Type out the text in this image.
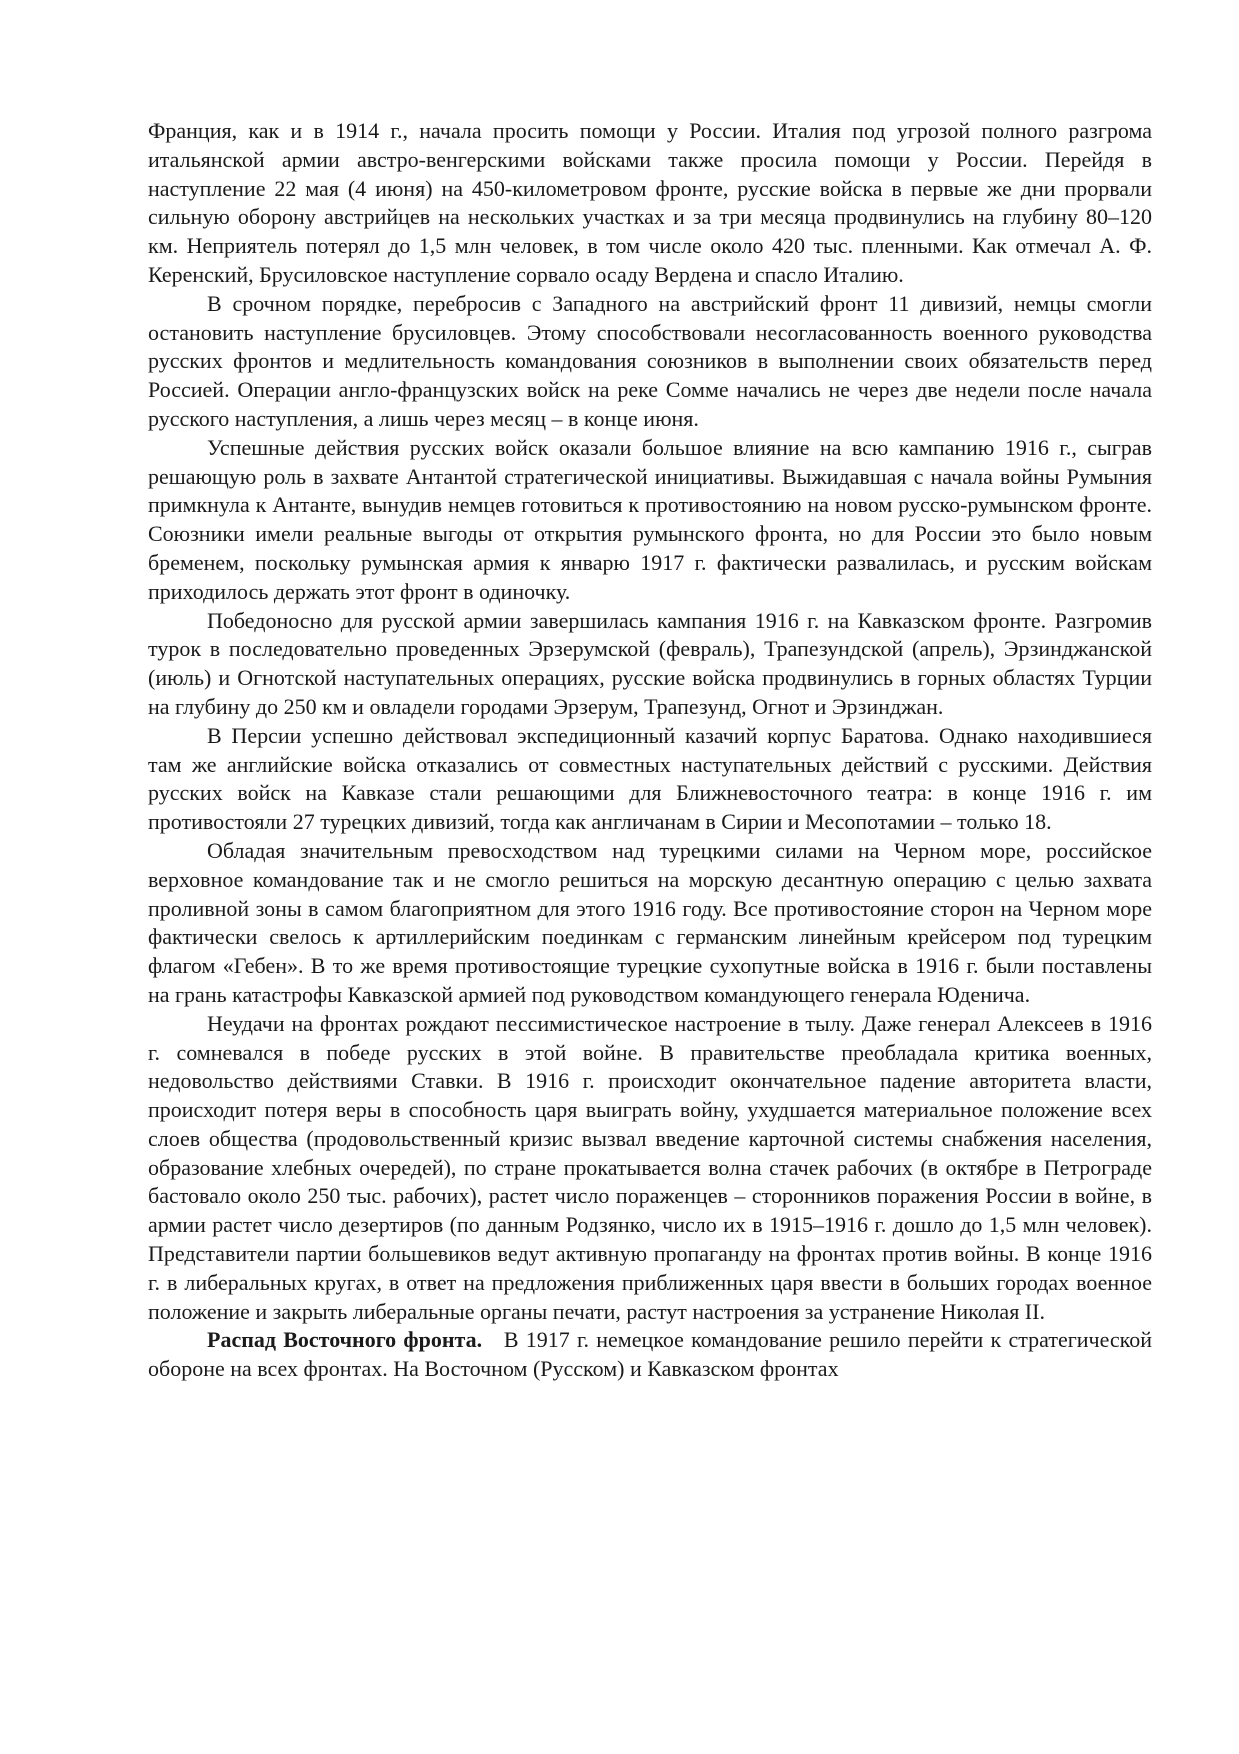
Франция, как и в 1914 г., начала просить помощи у России. Италия под угрозой полного разгрома итальянской армии австро-венгерскими войсками также просила помощи у России. Перейдя в наступление 22 мая (4 июня) на 450-километровом фронте, русские войска в первые же дни прорвали сильную оборону австрийцев на нескольких участках и за три месяца продвинулись на глубину 80–120 км. Неприятель потерял до 1,5 млн человек, в том числе около 420 тыс. пленными. Как отмечал А. Ф. Керенский, Брусиловское наступление сорвало осаду Вердена и спасло Италию.

В срочном порядке, перебросив с Западного на австрийский фронт 11 дивизий, немцы смогли остановить наступление брусиловцев. Этому способствовали несогласованность военного руководства русских фронтов и медлительность командования союзников в выполнении своих обязательств перед Россией. Операции англо-французских войск на реке Сомме начались не через две недели после начала русского наступления, а лишь через месяц – в конце июня.

Успешные действия русских войск оказали большое влияние на всю кампанию 1916 г., сыграв решающую роль в захвате Антантой стратегической инициативы. Выжидавшая с начала войны Румыния примкнула к Антанте, вынудив немцев готовиться к противостоянию на новом русско-румынском фронте. Союзники имели реальные выгоды от открытия румынского фронта, но для России это было новым бременем, поскольку румынская армия к январю 1917 г. фактически развалилась, и русским войскам приходилось держать этот фронт в одиночку.

Победоносно для русской армии завершилась кампания 1916 г. на Кавказском фронте. Разгромив турок в последовательно проведенных Эрзерумской (февраль), Трапезундской (апрель), Эрзинджанской (июль) и Огнотской наступательных операциях, русские войска продвинулись в горных областях Турции на глубину до 250 км и овладели городами Эрзерум, Трапезунд, Огнот и Эрзинджан.

В Персии успешно действовал экспедиционный казачий корпус Баратова. Однако находившиеся там же английские войска отказались от совместных наступательных действий с русскими. Действия русских войск на Кавказе стали решающими для Ближневосточного театра: в конце 1916 г. им противостояли 27 турецких дивизий, тогда как англичанам в Сирии и Месопотамии – только 18.

Обладая значительным превосходством над турецкими силами на Черном море, российское верховное командование так и не смогло решиться на морскую десантную операцию с целью захвата проливной зоны в самом благоприятном для этого 1916 году. Все противостояние сторон на Черном море фактически свелось к артиллерийским поединкам с германским линейным крейсером под турецким флагом «Гебен». В то же время противостоящие турецкие сухопутные войска в 1916 г. были поставлены на грань катастрофы Кавказской армией под руководством командующего генерала Юденича.

Неудачи на фронтах рождают пессимистическое настроение в тылу. Даже генерал Алексеев в 1916 г. сомневался в победе русских в этой войне. В правительстве преобладала критика военных, недовольство действиями Ставки. В 1916 г. происходит окончательное падение авторитета власти, происходит потеря веры в способность царя выиграть войну, ухудшается материальное положение всех слоев общества (продовольственный кризис вызвал введение карточной системы снабжения населения, образование хлебных очередей), по стране прокатывается волна стачек рабочих (в октябре в Петрограде бастовало около 250 тыс. рабочих), растет число пораженцев – сторонников поражения России в войне, в армии растет число дезертиров (по данным Родзянко, число их в 1915–1916 г. дошло до 1,5 млн человек). Представители партии большевиков ведут активную пропаганду на фронтах против войны. В конце 1916 г. в либеральных кругах, в ответ на предложения приближенных царя ввести в больших городах военное положение и закрыть либеральные органы печати, растут настроения за устранение Николая II.

Распад Восточного фронта. В 1917 г. немецкое командование решило перейти к стратегической обороне на всех фронтах. На Восточном (Русском) и Кавказском фронтах
